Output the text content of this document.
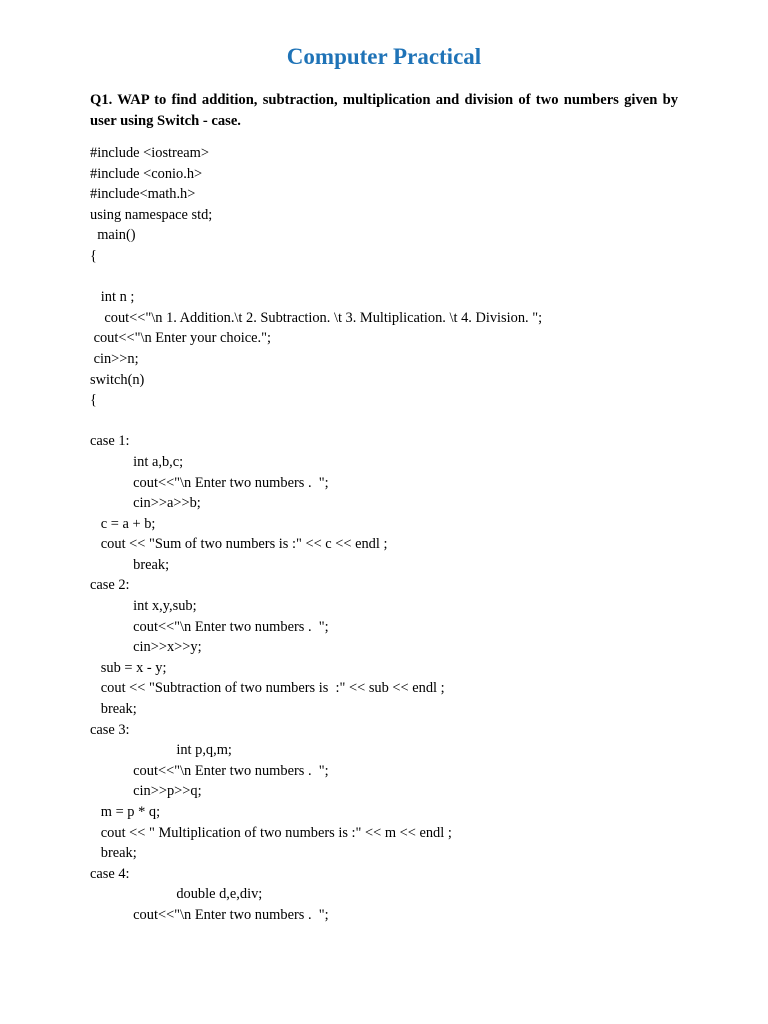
Computer Practical
Q1. WAP to find addition, subtraction, multiplication and division of two numbers given by user using Switch - case.
#include <iostream>
#include <conio.h>
#include<math.h>
using namespace std;
main()
{
int n ;
cout<<"\n 1. Addition.\t 2. Subtraction. \t 3. Multiplication. \t 4. Division. ";
cout<<"\n Enter your choice.";
cin>>n;
switch(n)
{
case 1:
int a,b,c;
cout<<"\n Enter two numbers .  ";
cin>>a>>b;
c = a + b;
cout << "Sum of two numbers is :" << c << endl ;
break;
case 2:
int x,y,sub;
cout<<"\n Enter two numbers .  ";
cin>>x>>y;
sub = x - y;
cout << "Subtraction of two numbers is  :" << sub << endl ;
break;
case 3:
int p,q,m;
cout<<"\n Enter two numbers .  ";
cin>>p>>q;
m = p * q;
cout << " Multiplication of two numbers is :" << m << endl ;
break;
case 4:
double d,e,div;
cout<<"\n Enter two numbers .  ";
